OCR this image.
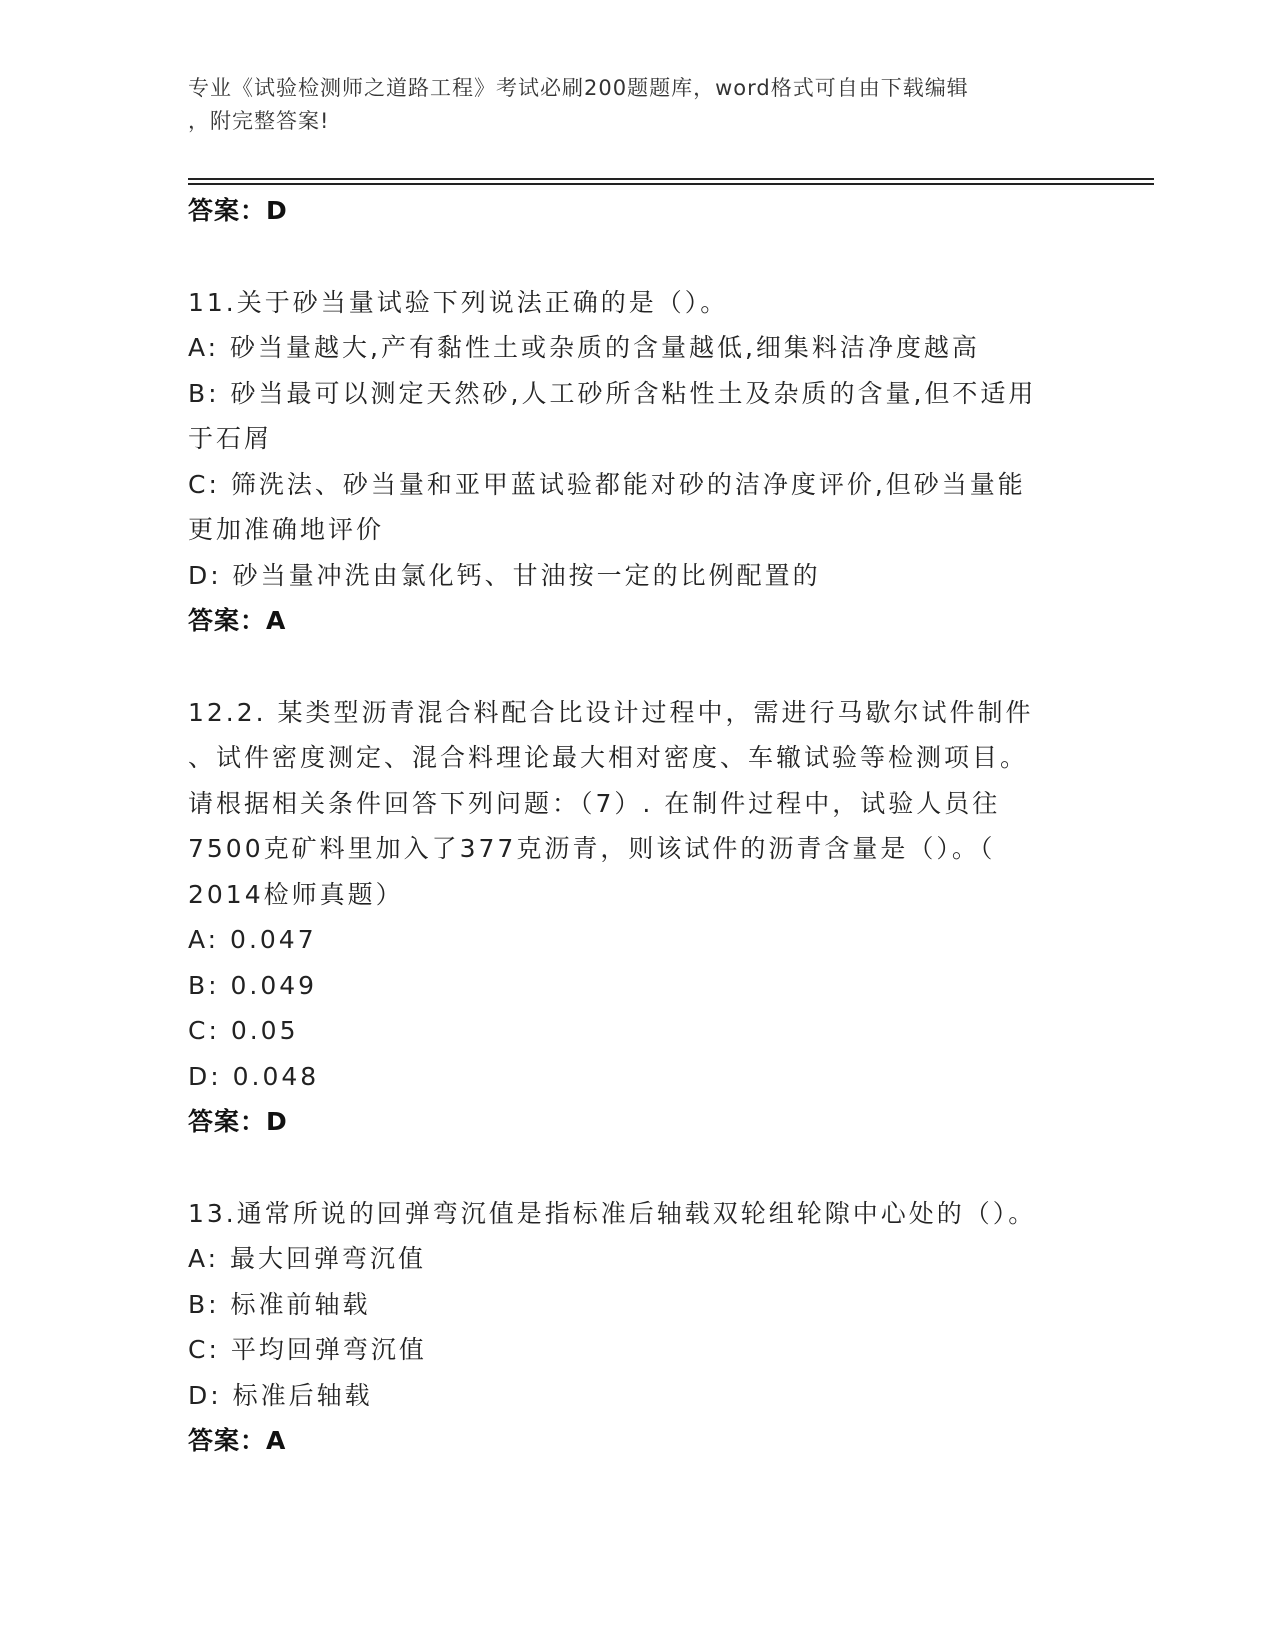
专业《试验检测师之道路工程》考试必刷200题题库，word格式可自由下载编辑
，附完整答案!

答案：D

11.关于砂当量试验下列说法正确的是（）。

A: 砂当量越大,产有黏性土或杂质的含量越低,细集料洁净度越高

B: 砂当最可以测定天然砂,人工砂所含粘性土及杂质的含量,但不适用

于石屑

C: 筛洗法、砂当量和亚甲蓝试验都能对砂的洁净度评价,但砂当量能

更加准确地评价

D: 砂当量冲洗由氯化钙、甘油按一定的比例配置的

答案：A

12.2. 某类型沥青混合料配合比设计过程中，需进行马歇尔试件制件

、试件密度测定、混合料理论最大相对密度、车辙试验等检测项目。

请根据相关条件回答下列问题：（7）. 在制件过程中，试验人员往

7500克矿料里加入了377克沥青，则该试件的沥青含量是（）。（

2014检师真题）

A: 0.047

B: 0.049

C: 0.05

D: 0.048

答案：D

13.通常所说的回弹弯沉值是指标准后轴载双轮组轮隙中心处的（）。

A: 最大回弹弯沉值

B: 标准前轴载

C: 平均回弹弯沉值

D: 标准后轴载

答案：A
